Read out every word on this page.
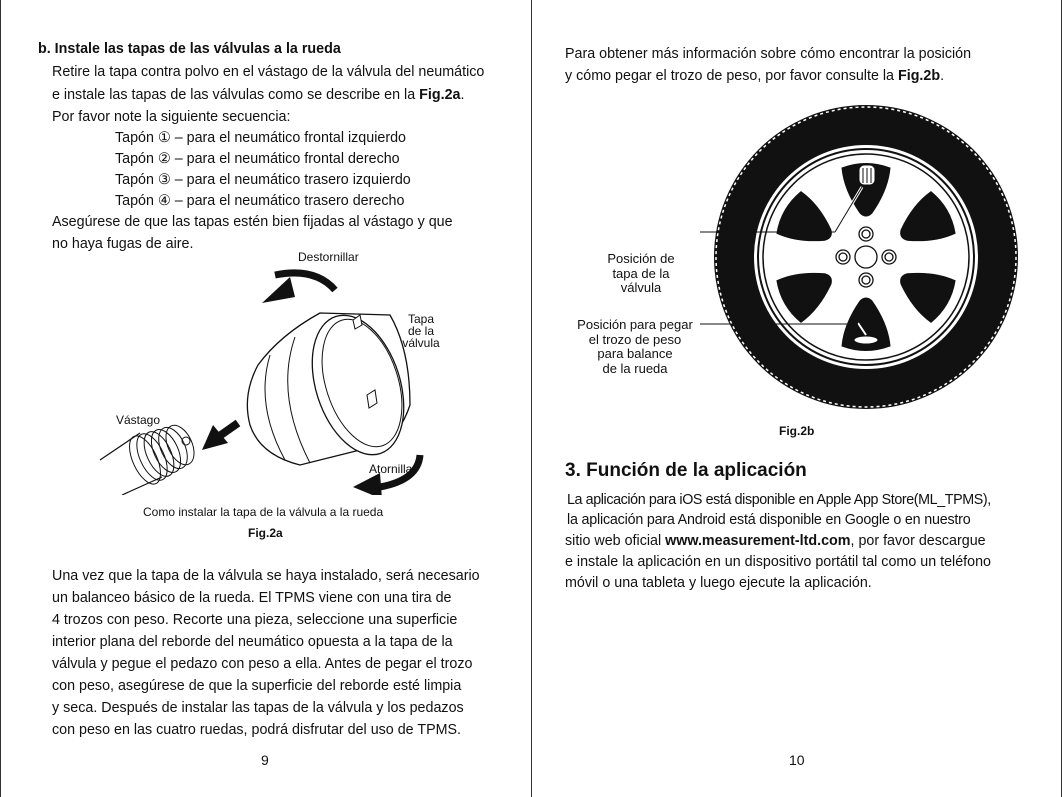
b. Instale las tapas de las válvulas a la rueda
Retire la tapa contra polvo en el vástago de la válvula del neumático
e instale las tapas de las válvulas como se describe en la Fig.2a.
Por favor note la siguiente secuencia:
Tapón ① – para el neumático frontal izquierdo
Tapón ② – para el neumático frontal derecho
Tapón ③ – para el neumático trasero izquierdo
Tapón ④ – para el neumático trasero derecho
Asegúrese de que las tapas estén bien fijadas al vástago y que
no haya fugas de aire.
Destornillar
Tapa
de la
válvula
Vástago
Atornillar
Como instalar la tapa de la válvula a la rueda
Fig.2a
Una vez que la tapa de la válvula se haya instalado, será necesario
un balanceo básico de la rueda. El TPMS viene con una tira de
4 trozos con peso. Recorte una pieza, seleccione una superficie
interior plana del reborde del neumático opuesta a la tapa de la
válvula y pegue el pedazo con peso a ella. Antes de pegar el trozo
con peso, asegúrese de que la superficie del reborde esté limpia
y seca. Después de instalar las tapas de la válvula y los pedazos
con peso en las cuatro ruedas, podrá disfrutar del uso de TPMS.
9
Para obtener más información sobre cómo encontrar la posición
y cómo pegar el trozo de peso, por favor consulte la Fig.2b.
Posición de
tapa de la
válvula
Posición para pegar
el trozo de peso
para balance
de la rueda
Fig.2b
3. Función de la aplicación
La aplicación para iOS está disponible en Apple App Store(ML_TPMS),
la aplicación para Android está disponible en Google o en nuestro
sitio web oficial www.measurement-ltd.com, por favor descargue
e instale la aplicación en un dispositivo portátil tal como un teléfono
móvil o una tableta y luego ejecute la aplicación.
10
